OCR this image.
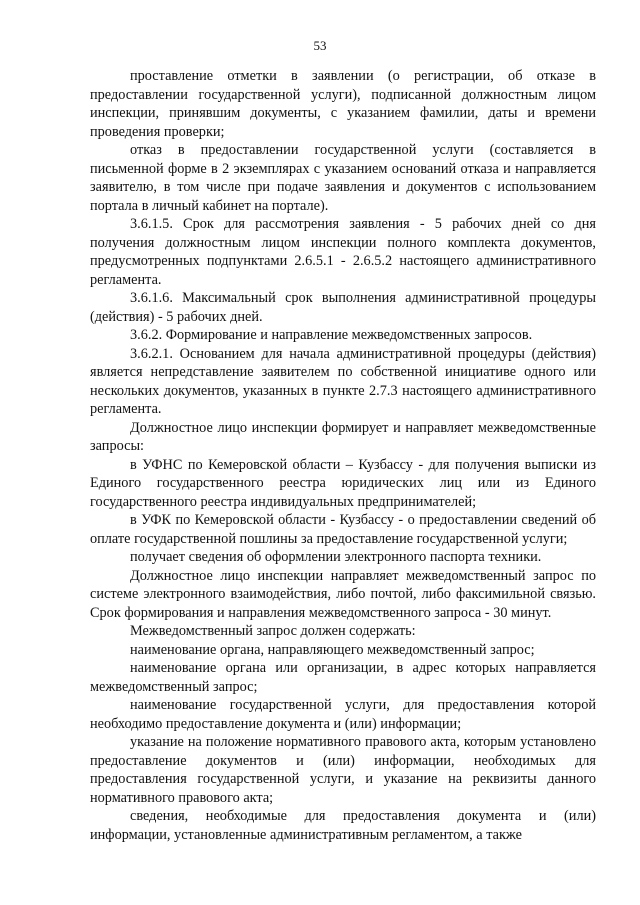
53

проставление отметки в заявлении (о регистрации, об отказе в предоставлении государственной услуги), подписанной должностным лицом инспекции, принявшим документы, с указанием фамилии, даты и времени проведения проверки;

отказ в предоставлении государственной услуги (составляется в письменной форме в 2 экземплярах с указанием оснований отказа и направляется заявителю, в том числе при подаче заявления и документов с использованием портала в личный кабинет на портале).

3.6.1.5. Срок для рассмотрения заявления - 5 рабочих дней со дня получения должностным лицом инспекции полного комплекта документов, предусмотренных подпунктами 2.6.5.1 - 2.6.5.2 настоящего административного регламента.

3.6.1.6. Максимальный срок выполнения административной процедуры (действия) - 5 рабочих дней.

3.6.2. Формирование и направление межведомственных запросов.

3.6.2.1. Основанием для начала административной процедуры (действия) является непредставление заявителем по собственной инициативе одного или нескольких документов, указанных в пункте 2.7.3 настоящего административного регламента.

Должностное лицо инспекции формирует и направляет межведомственные запросы:

в УФНС по Кемеровской области – Кузбассу - для получения выписки из Единого государственного реестра юридических лиц или из Единого государственного реестра индивидуальных предпринимателей;

в УФК по Кемеровской области - Кузбассу - о предоставлении сведений об оплате государственной пошлины за предоставление государственной услуги;

получает сведения об оформлении электронного паспорта техники.

Должностное лицо инспекции направляет межведомственный запрос по системе электронного взаимодействия, либо почтой, либо факсимильной связью. Срок формирования и направления межведомственного запроса - 30 минут.

Межведомственный запрос должен содержать:

наименование органа, направляющего межведомственный запрос;

наименование органа или организации, в адрес которых направляется межведомственный запрос;

наименование государственной услуги, для предоставления которой необходимо предоставление документа и (или) информации;

указание на положение нормативного правового акта, которым установлено предоставление документов и (или) информации, необходимых для предоставления государственной услуги, и указание на реквизиты данного нормативного правового акта;

сведения, необходимые для предоставления документа и (или) информации, установленные административным регламентом, а также
